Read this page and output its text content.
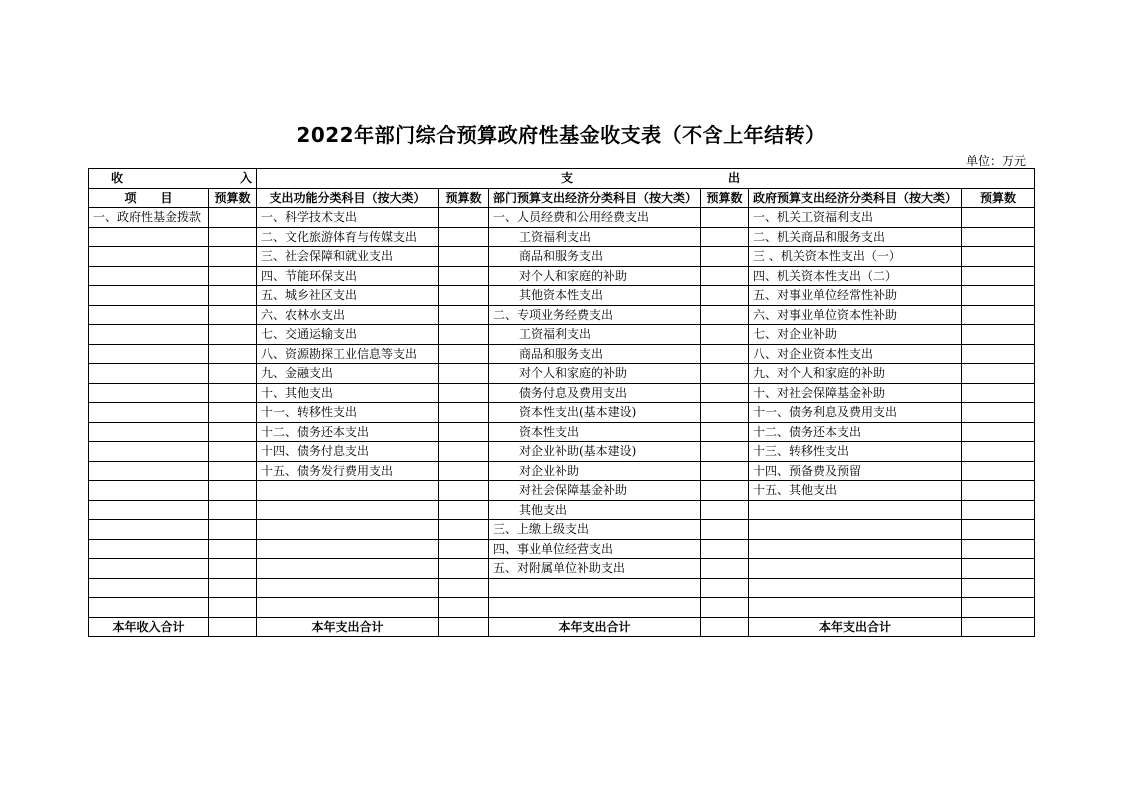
2022年部门综合预算政府性基金收支表（不含上年结转）
单位：万元
收 入		支 出					

项　　目	预算数	支出功能分类科目（按大类）	预算数	部门预算支出经济分类科目（按大类）	预算数	政府预算支出经济分类科目（按大类）	预算数
一、政府性基金拨款		一、科学技术支出		一、人员经费和公用经费支出		一、机关工资福利支出	
		二、文化旅游体育与传媒支出		工资福利支出		二、机关商品和服务支出	
		三、社会保障和就业支出		商品和服务支出		三 、机关资本性支出（一）	
		四、节能环保支出		对个人和家庭的补助		四、机关资本性支出（二）	
		五、城乡社区支出		其他资本性支出		五、对事业单位经常性补助	
		六、农林水支出		二、专项业务经费支出		六、对事业单位资本性补助	
		七、交通运输支出		工资福利支出		七、对企业补助	
		八、资源勘探工业信息等支出		商品和服务支出		八、对企业资本性支出	
		九、金融支出		对个人和家庭的补助		九、对个人和家庭的补助	
		十、其他支出		债务付息及费用支出		十、对社会保障基金补助	
		十一、转移性支出		资本性支出(基本建设)		十一、债务利息及费用支出	
		十二、债务还本支出		资本性支出		十二、债务还本支出	
		十四、债务付息支出		对企业补助(基本建设)		十三、转移性支出	
		十五、债务发行费用支出		对企业补助		十四、预备费及预留	
				对社会保障基金补助		十五、其他支出	
				其他支出			
				三、上缴上级支出			
				四、事业单位经营支出			
				五、对附属单位补助支出			

本年收入合计		本年支出合计		本年支出合计		本年支出合计	
